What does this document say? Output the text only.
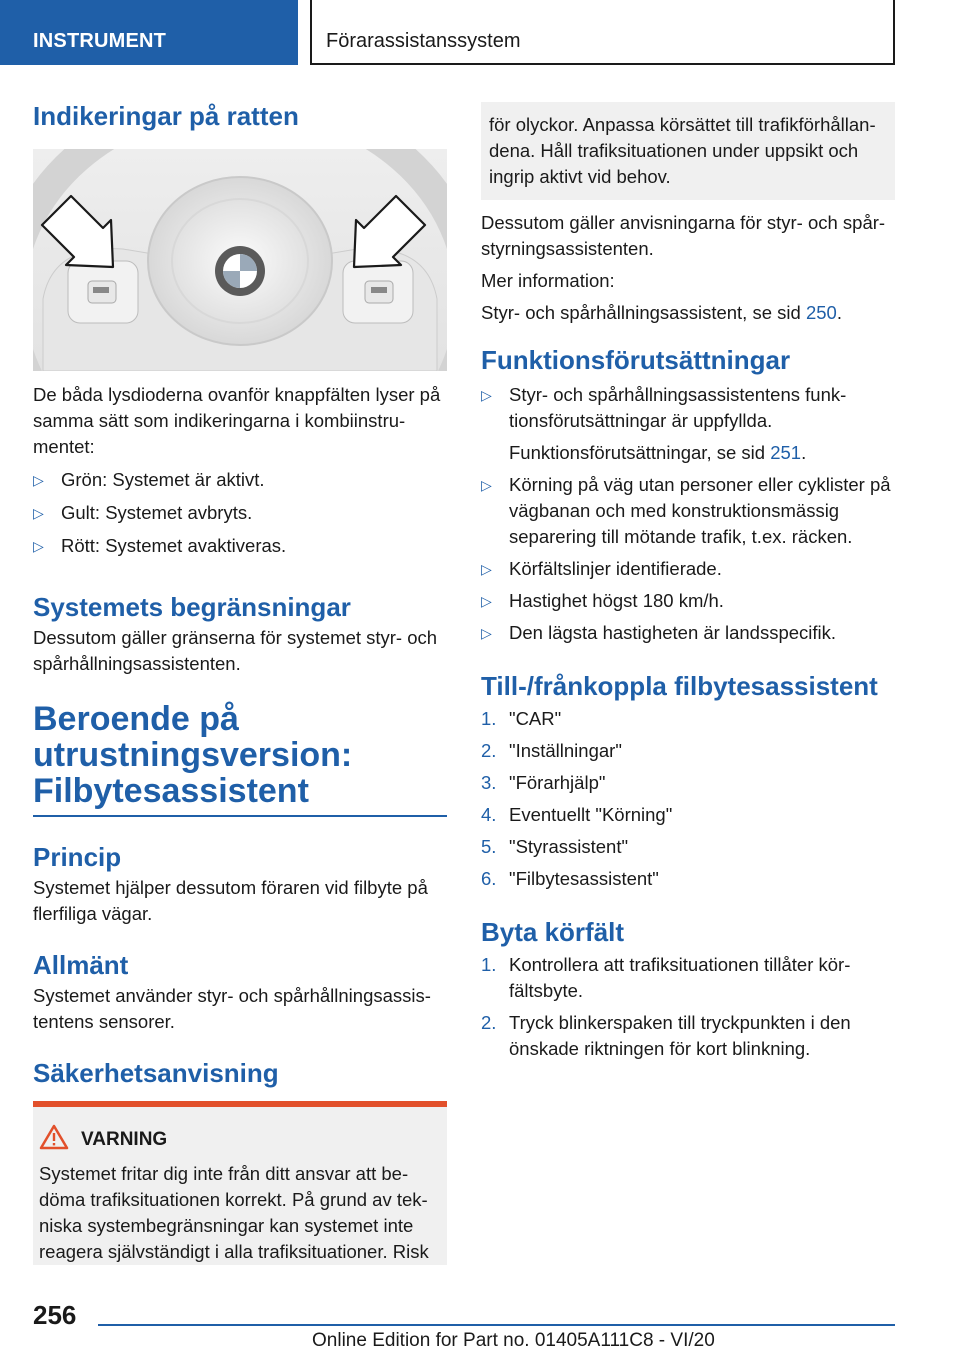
INSTRUMENT	Förarassistanssystem
Indikeringar på ratten

De båda lysdioderna ovanför knappfälten lyser på samma sätt som indikeringarna i kombiinstru-mentet:

▷ Grön: Systemet är aktivt.
▷ Gult: Systemet avbryts.
▷ Rött: Systemet avaktiveras.
Systemets begränsningar

Dessutom gäller gränserna för systemet styr- och spårhållningsassistenten.

Beroende på
utrustningsversion:
Filbytesassistent
Princip

Systemet hjälper dessutom föraren vid filbyte på flerfiliga vägar.

Allmänt

Systemet använder styr- och spårhållningsassis-tentens sensorer.

Säkerhetsanvisning
VARNING

Systemet fritar dig inte från ditt ansvar att be-döma trafiksituationen korrekt. På grund av tek-niska systembegränsningar kan systemet inte reagera självständigt i alla trafiksituationer. Risk

för olyckor. Anpassa körsättet till trafikförhållan-dena. Håll trafiksituationen under uppsikt och ingrip aktivt vid behov.

Dessutom gäller anvisningarna för styr- och spår-styrningsassistenten.

Mer information:

Styr- och spårhållningsassistent, se sid 250.

Funktionsförutsättningar
▷ Styr- och spårhållningsassistentens funk-tionsförutsättningar är uppfyllda.

Funktionsförutsättningar, se sid 251.
▷ Körning på väg utan personer eller cyklister på vägbanan och med konstruktionsmässig separering till mötande trafik, t.ex. räcken.
▷ Körfältslinjer identifierade.
▷ Hastighet högst 180 km/h.
▷ Den lägsta hastigheten är landsspecifik.
Till-/frånkoppla filbytesassistent
1. "CAR"
2. "Inställningar"
3. "Förarhjälp"
4. Eventuellt "Körning"
5. "Styrassistent"
6. "Filbytesassistent"
Byta körfält
1. Kontrollera att trafiksituationen tillåter kör-fältsbyte.
2. Tryck blinkerspaken till tryckpunkten i den önskade riktningen för kort blinkning.
256
Online Edition for Part no. 01405A111C8 - VI/20
